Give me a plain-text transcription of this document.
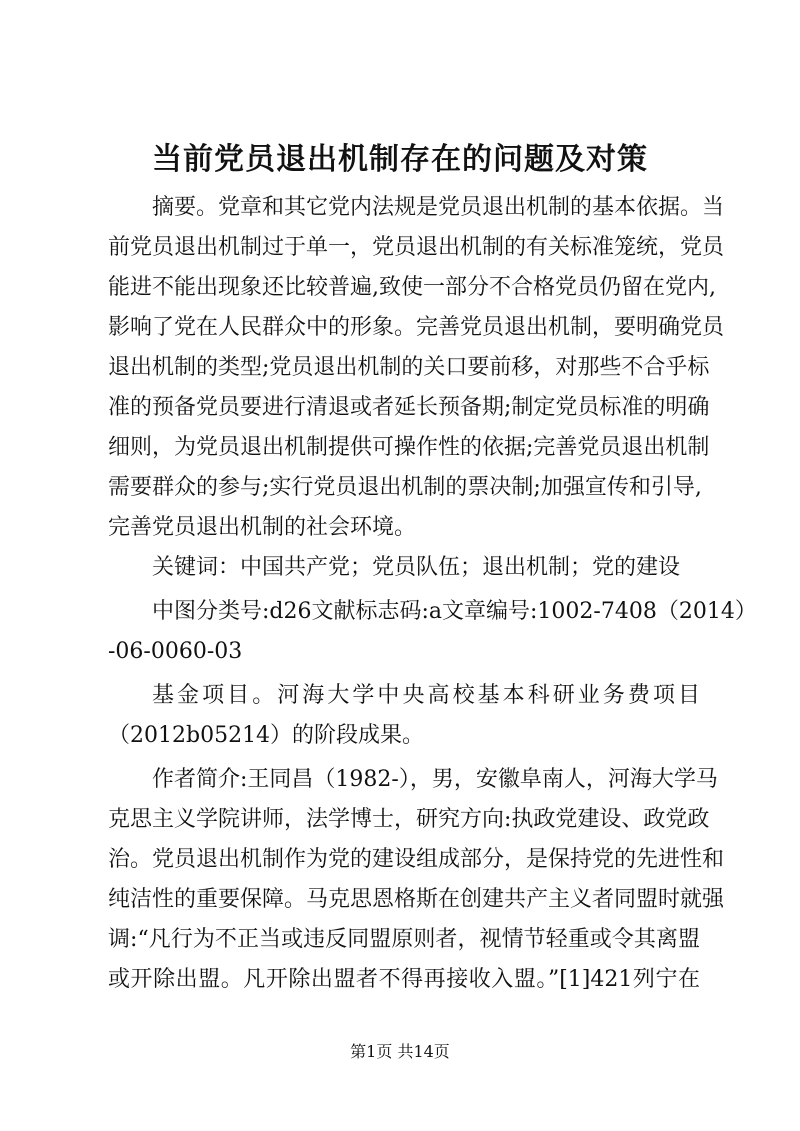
当前党员退出机制存在的问题及对策
摘要。党章和其它党内法规是党员退出机制的基本依据。当
前党员退出机制过于单一，党员退出机制的有关标准笼统，党员
能进不能出现象还比较普遍,致使一部分不合格党员仍留在党内,
影响了党在人民群众中的形象。完善党员退出机制，要明确党员
退出机制的类型;党员退出机制的关口要前移，对那些不合乎标
准的预备党员要进行清退或者延长预备期;制定党员标准的明确
细则，为党员退出机制提供可操作性的依据;完善党员退出机制
需要群众的参与;实行党员退出机制的票决制;加强宣传和引导,
完善党员退出机制的社会环境。
关键词：中国共产党；党员队伍；退出机制；党的建设
中图分类号:d26文献标志码:a文章编号:1002-7408（2014）
-06-0060-03
基金项目。河海大学中央高校基本科研业务费项目
（2012b05214）的阶段成果。
作者简介:王同昌（1982-），男，安徽阜南人，河海大学马
克思主义学院讲师，法学博士，研究方向:执政党建设、政党政
治。党员退出机制作为党的建设组成部分，是保持党的先进性和
纯洁性的重要保障。马克思恩格斯在创建共产主义者同盟时就强
调:“凡行为不正当或违反同盟原则者，视情节轻重或令其离盟
或开除出盟。凡开除出盟者不得再接收入盟。”[1]421列宁在
第1页 共14页
